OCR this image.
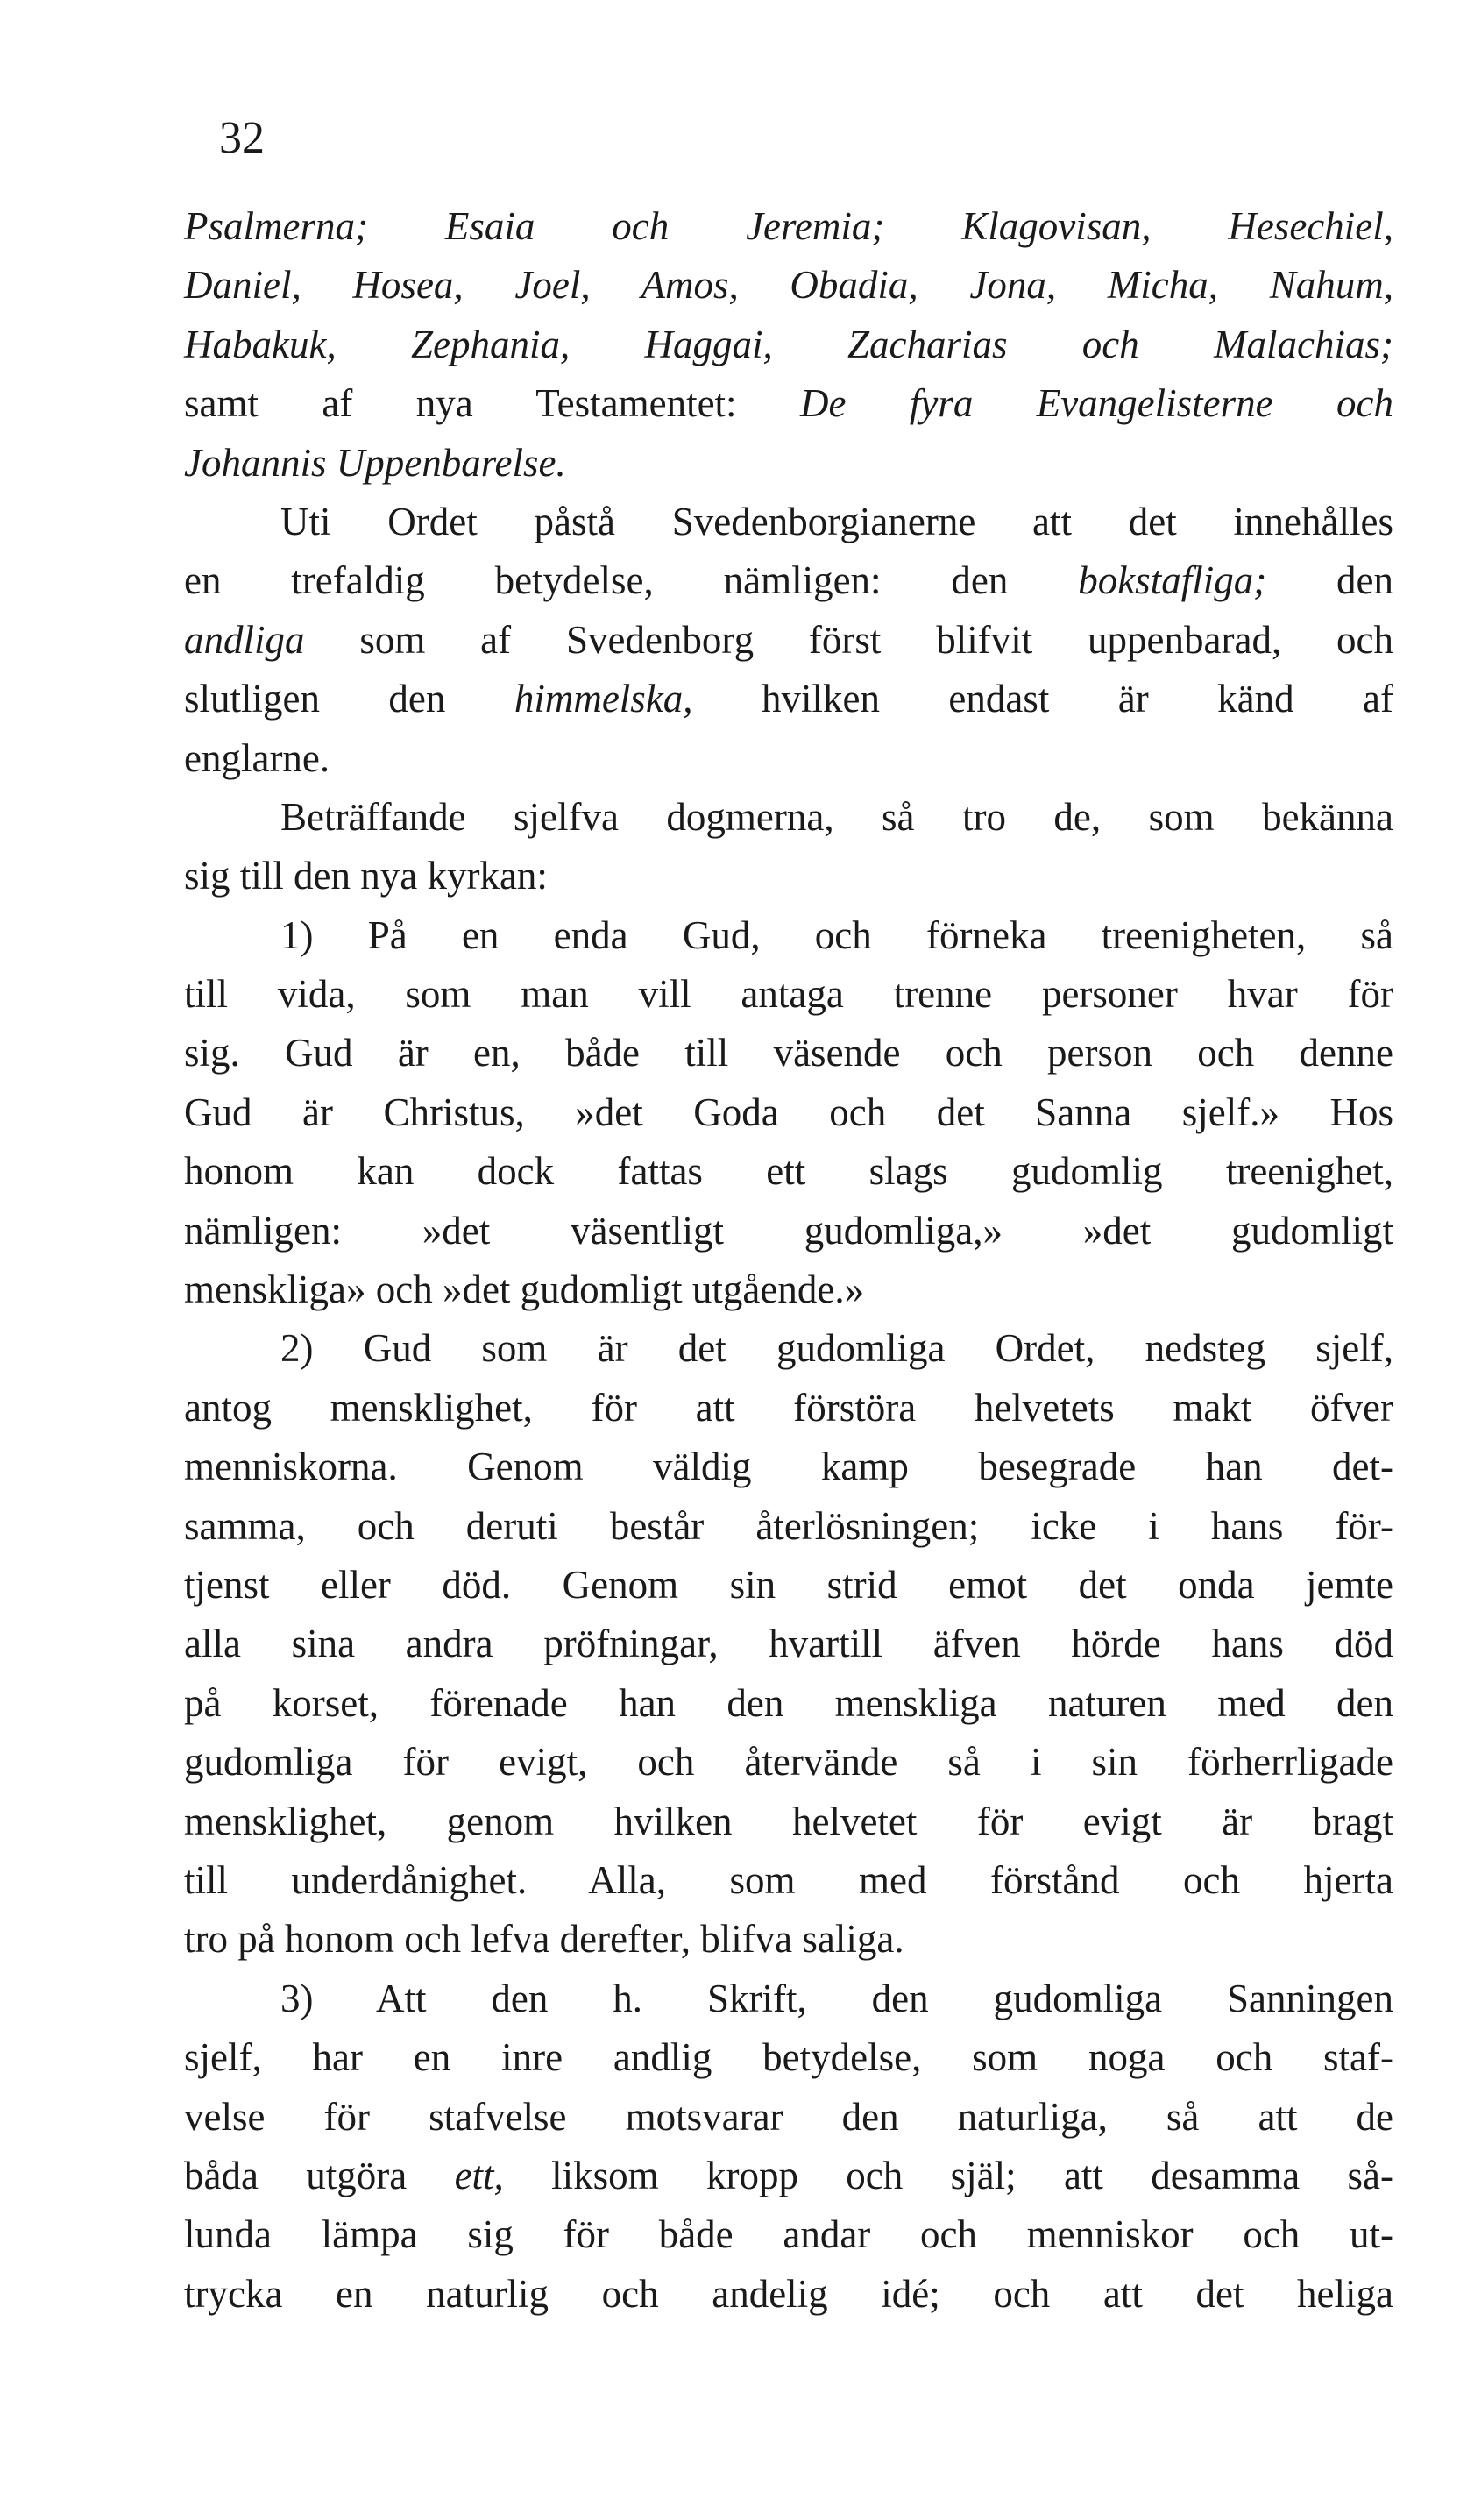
32
Psalmerna; Esaia och Jeremia; Klagovisan, Hesechiel,
Daniel, Hosea, Joel, Amos, Obadia, Jona, Micha, Nahum,
Habakuk, Zephania, Haggai, Zacharias och Malachias;
samt af nya Testamentet: De fyra Evangelisterne och
Johannis Uppenbarelse.
Uti Ordet påstå Svedenborgianerne att det innehålles
en trefaldig betydelse, nämligen: den bokstafliga; den
andliga som af Svedenborg först blifvit uppenbarad, och
slutligen den himmelska, hvilken endast är känd af
englarne.
Beträffande sjelfva dogmerna, så tro de, som bekänna
sig till den nya kyrkan:
1) På en enda Gud, och förneka treenigheten, så
till vida, som man vill antaga trenne personer hvar för
sig. Gud är en, både till väsende och person och denne
Gud är Christus, »det Goda och det Sanna sjelf.» Hos
honom kan dock fattas ett slags gudomlig treenighet,
nämligen: »det väsentligt gudomliga,» »det gudomligt
menskliga» och »det gudomligt utgående.»
2) Gud som är det gudomliga Ordet, nedsteg sjelf,
antog mensklighet, för att förstöra helvetets makt öfver
menniskorna. Genom väldig kamp besegrade han det-
samma, och deruti består återlösningen; icke i hans för-
tjenst eller död. Genom sin strid emot det onda jemte
alla sina andra pröfningar, hvartill äfven hörde hans död
på korset, förenade han den menskliga naturen med den
gudomliga för evigt, och återvände så i sin förherrligade
mensklighet, genom hvilken helvetet för evigt är bragt
till underdånighet. Alla, som med förstånd och hjerta
tro på honom och lefva derefter, blifva saliga.
3) Att den h. Skrift, den gudomliga Sanningen
sjelf, har en inre andlig betydelse, som noga och staf-
velse för stafvelse motsvarar den naturliga, så att de
båda utgöra ett, liksom kropp och själ; att desamma så-
lunda lämpa sig för både andar och menniskor och ut-
trycka en naturlig och andelig idé; och att det heliga
